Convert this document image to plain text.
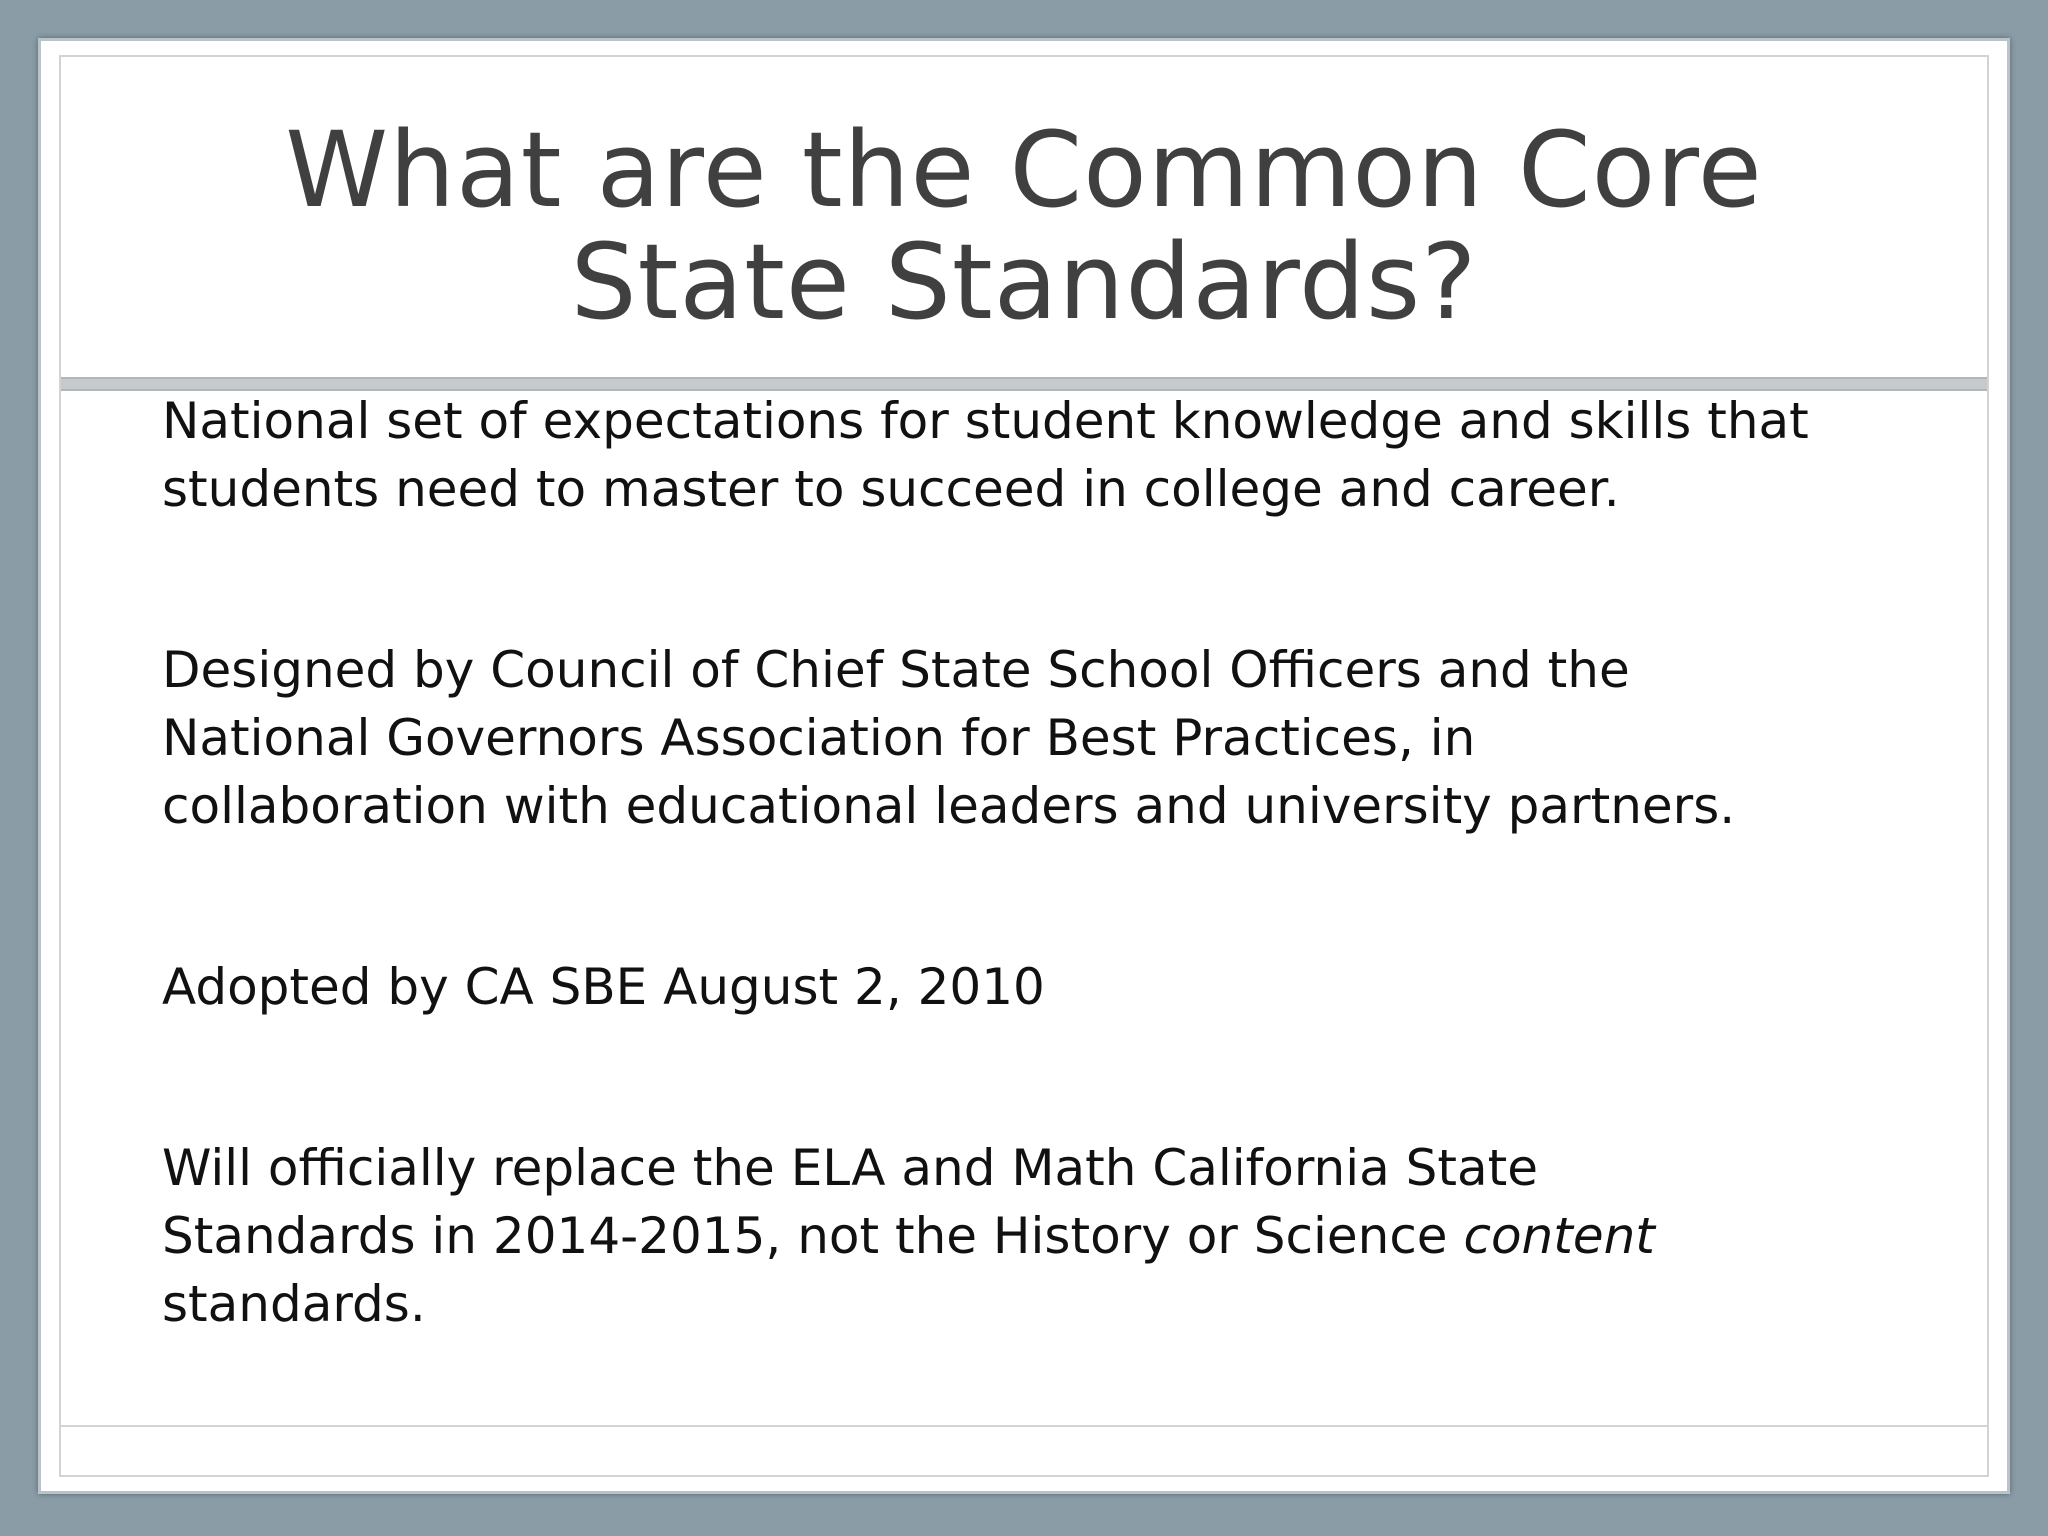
What are the Common Core
State Standards?

National set of expectations for student knowledge and skills that
students need to master to succeed in college and career.

Designed by Council of Chief State School Officers and the
National Governors Association for Best Practices, in
collaboration with educational leaders and university partners.

Adopted by CA SBE August 2, 2010

Will officially replace the ELA and Math California State
Standards in 2014-2015, not the History or Science content
standards.
